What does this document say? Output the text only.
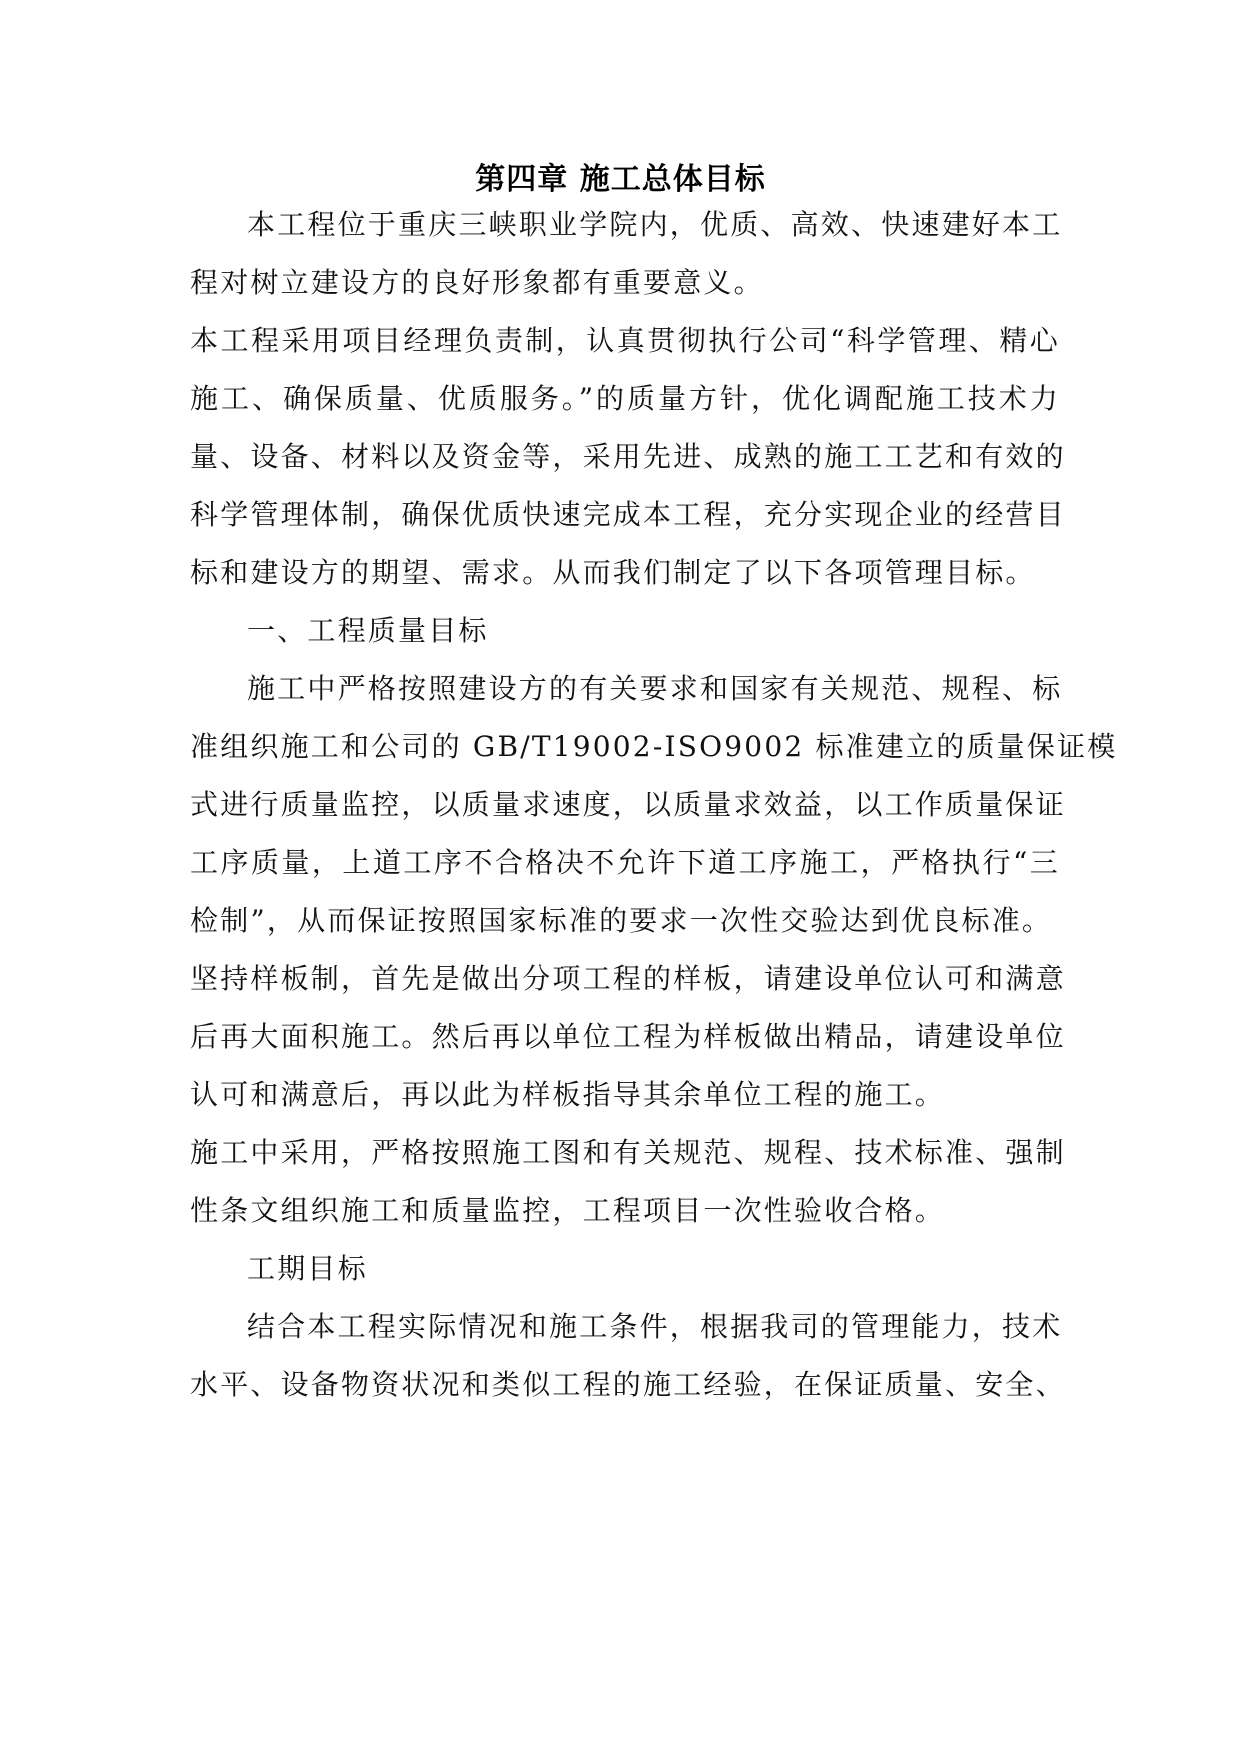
第四章 施工总体目标

本工程位于重庆三峡职业学院内，优质、高效、快速建好本工

程对树立建设方的良好形象都有重要意义。

本工程采用项目经理负责制，认真贯彻执行公司“科学管理、精心

施工、确保质量、优质服务。”的质量方针，优化调配施工技术力

量、设备、材料以及资金等，采用先进、成熟的施工工艺和有效的

科学管理体制，确保优质快速完成本工程，充分实现企业的经营目

标和建设方的期望、需求。从而我们制定了以下各项管理目标。

一、工程质量目标

施工中严格按照建设方的有关要求和国家有关规范、规程、标

准组织施工和公司的 GB/T19002-ISO9002 标准建立的质量保证模

式进行质量监控，以质量求速度，以质量求效益，以工作质量保证

工序质量，上道工序不合格决不允许下道工序施工，严格执行“三

检制”，从而保证按照国家标准的要求一次性交验达到优良标准。

坚持样板制，首先是做出分项工程的样板，请建设单位认可和满意

后再大面积施工。然后再以单位工程为样板做出精品，请建设单位

认可和满意后，再以此为样板指导其余单位工程的施工。

施工中采用，严格按照施工图和有关规范、规程、技术标准、强制

性条文组织施工和质量监控，工程项目一次性验收合格。

工期目标

结合本工程实际情况和施工条件，根据我司的管理能力，技术

水平、设备物资状况和类似工程的施工经验，在保证质量、安全、
